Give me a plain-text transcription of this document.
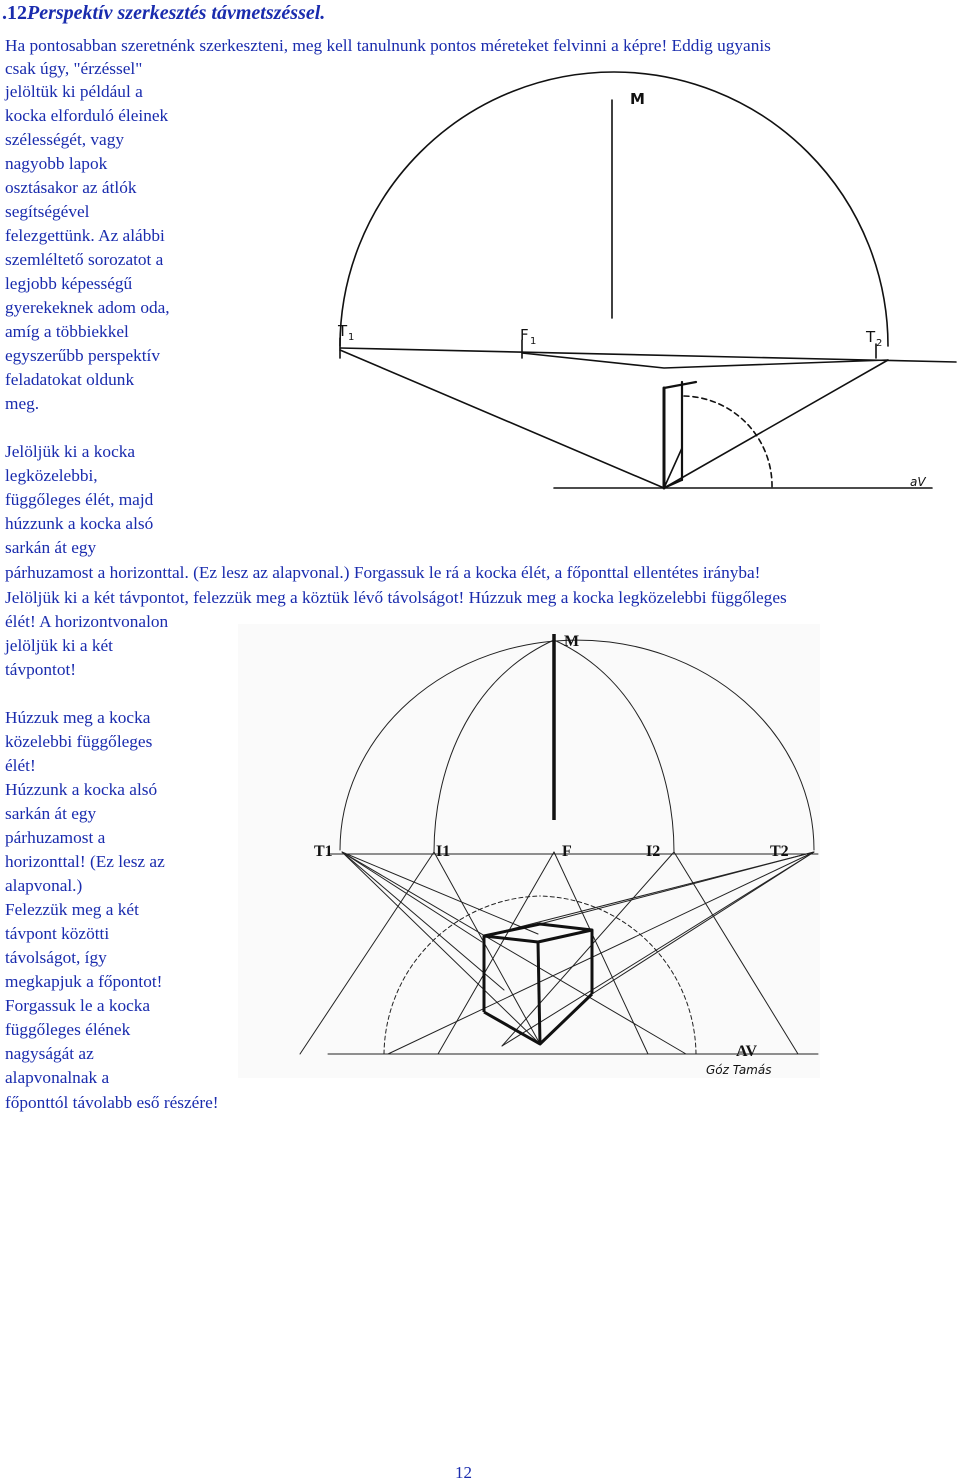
.12Perspektív szerkesztés távmetszéssel.
Ha pontosabban szeretnénk szerkeszteni, meg kell tanulnunk pontos méreteket felvinni a képre! Eddig ugyanis
csak úgy, "érzéssel"
jelöltük ki például a
kocka elforduló éleinek
szélességét, vagy
nagyobb lapok
osztásakor az átlók
segítségével
felezgettünk. Az alábbi
szemléltető sorozatot a
legjobb képességű
gyerekeknek adom oda,
amíg a többiekkel
egyszerűbb perspektív
feladatokat oldunk
meg.
Jelöljük ki a kocka
legközelebbi,
függőleges élét, majd
húzzunk a kocka alsó
sarkán át egy
párhuzamost a horizonttal. (Ez lesz az alapvonal.) Forgassuk le rá a kocka élét, a főponttal ellentétes irányba!
Jelöljük ki a két távpontot, felezzük meg a köztük lévő távolságot! Húzzuk meg a kocka legközelebbi függőleges
élét! A horizontvonalon
jelöljük ki a két
távpontot!
Húzzuk meg a kocka
közelebbi függőleges
élét!
Húzzunk a kocka alsó
sarkán át egy
párhuzamost a
horizonttal! (Ez lesz az
alapvonal.)
Felezzük meg a két
távpont közötti
távolságot, így
megkapjuk a főpontot!
Forgassuk le a kocka
függőleges élének
nagyságát az
alapvonalnak a
főponttól távolabb eső részére!
M
T 1	F 1	T 2
aV
M
T1	I1	F	I2	T2
AV
Góz Tamás
12
